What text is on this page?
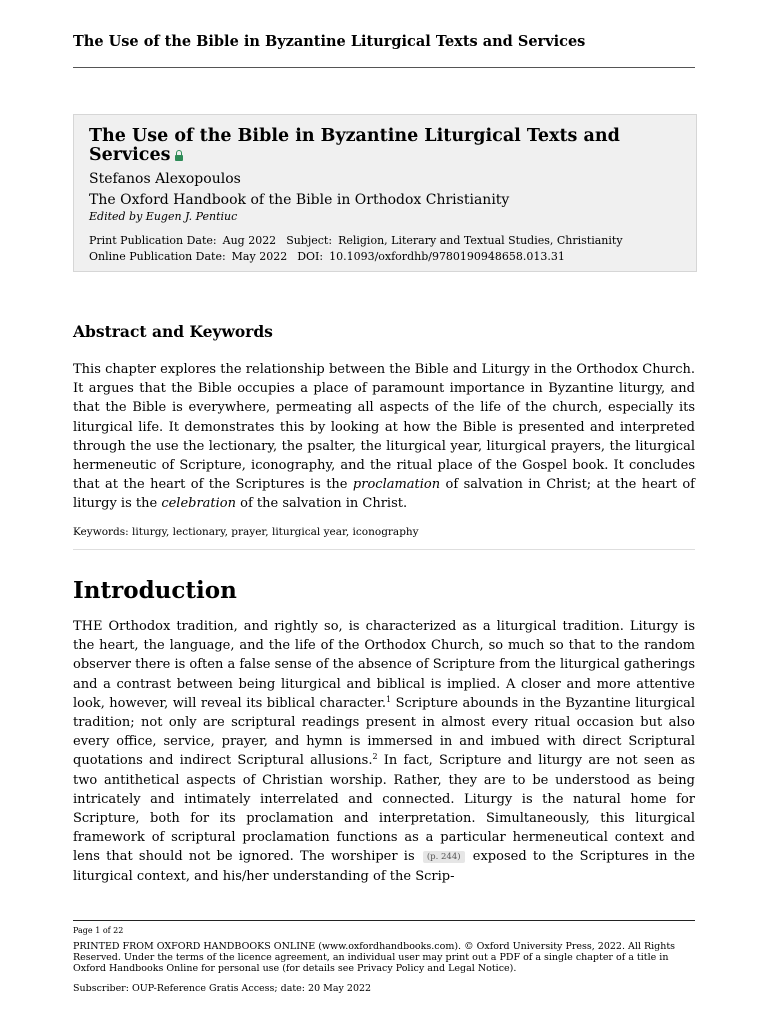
The Use of the Bible in Byzantine Liturgical Texts and Services
The Use of the Bible in Byzantine Liturgical Texts and Services
Stefanos Alexopoulos
The Oxford Handbook of the Bible in Orthodox Christianity
Edited by Eugen J. Pentiuc
Print Publication Date: Aug 2022 Subject: Religion, Literary and Textual Studies, Christianity
Online Publication Date: May 2022 DOI: 10.1093/oxfordhb/9780190948658.013.31
Abstract and Keywords
This chapter explores the relationship between the Bible and Liturgy in the Orthodox Church. It argues that the Bible occupies a place of paramount importance in Byzantine liturgy, and that the Bible is everywhere, permeating all aspects of the life of the church, especially its liturgical life. It demonstrates this by looking at how the Bible is presented and interpreted through the use the lectionary, the psalter, the liturgical year, liturgical prayers, the liturgical hermeneutic of Scripture, iconography, and the ritual place of the Gospel book. It concludes that at the heart of the Scriptures is the proclamation of salvation in Christ; at the heart of liturgy is the celebration of the salvation in Christ.
Keywords: liturgy, lectionary, prayer, liturgical year, iconography
Introduction
THE Orthodox tradition, and rightly so, is characterized as a liturgical tradition. Liturgy is the heart, the language, and the life of the Orthodox Church, so much so that to the random observer there is often a false sense of the absence of Scripture from the liturgical gatherings and a contrast between being liturgical and biblical is implied. A closer and more attentive look, however, will reveal its biblical character.$^1$ Scripture abounds in the Byzantine liturgical tradition; not only are scriptural readings present in almost every ritual occasion but also every office, service, prayer, and hymn is immersed in and imbued with direct Scriptural quotations and indirect Scriptural allusions.$^2$ In fact, Scripture and liturgy are not seen as two antithetical aspects of Christian worship. Rather, they are to be understood as being intricately and intimately interrelated and connected. Liturgy is the natural home for Scripture, both for its proclamation and interpretation. Simultaneously, this liturgical framework of scriptural proclamation functions as a particular hermeneutical context and lens that should not be ignored. The worshiper is (p. 244) exposed to the Scriptures in the liturgical context, and his/her understanding of the Scrip-
Page 1 of 22
PRINTED FROM OXFORD HANDBOOKS ONLINE (www.oxfordhandbooks.com). © Oxford University Press, 2022. All Rights Reserved. Under the terms of the licence agreement, an individual user may print out a PDF of a single chapter of a title in Oxford Handbooks Online for personal use (for details see Privacy Policy and Legal Notice).
Subscriber: OUP-Reference Gratis Access; date: 20 May 2022
